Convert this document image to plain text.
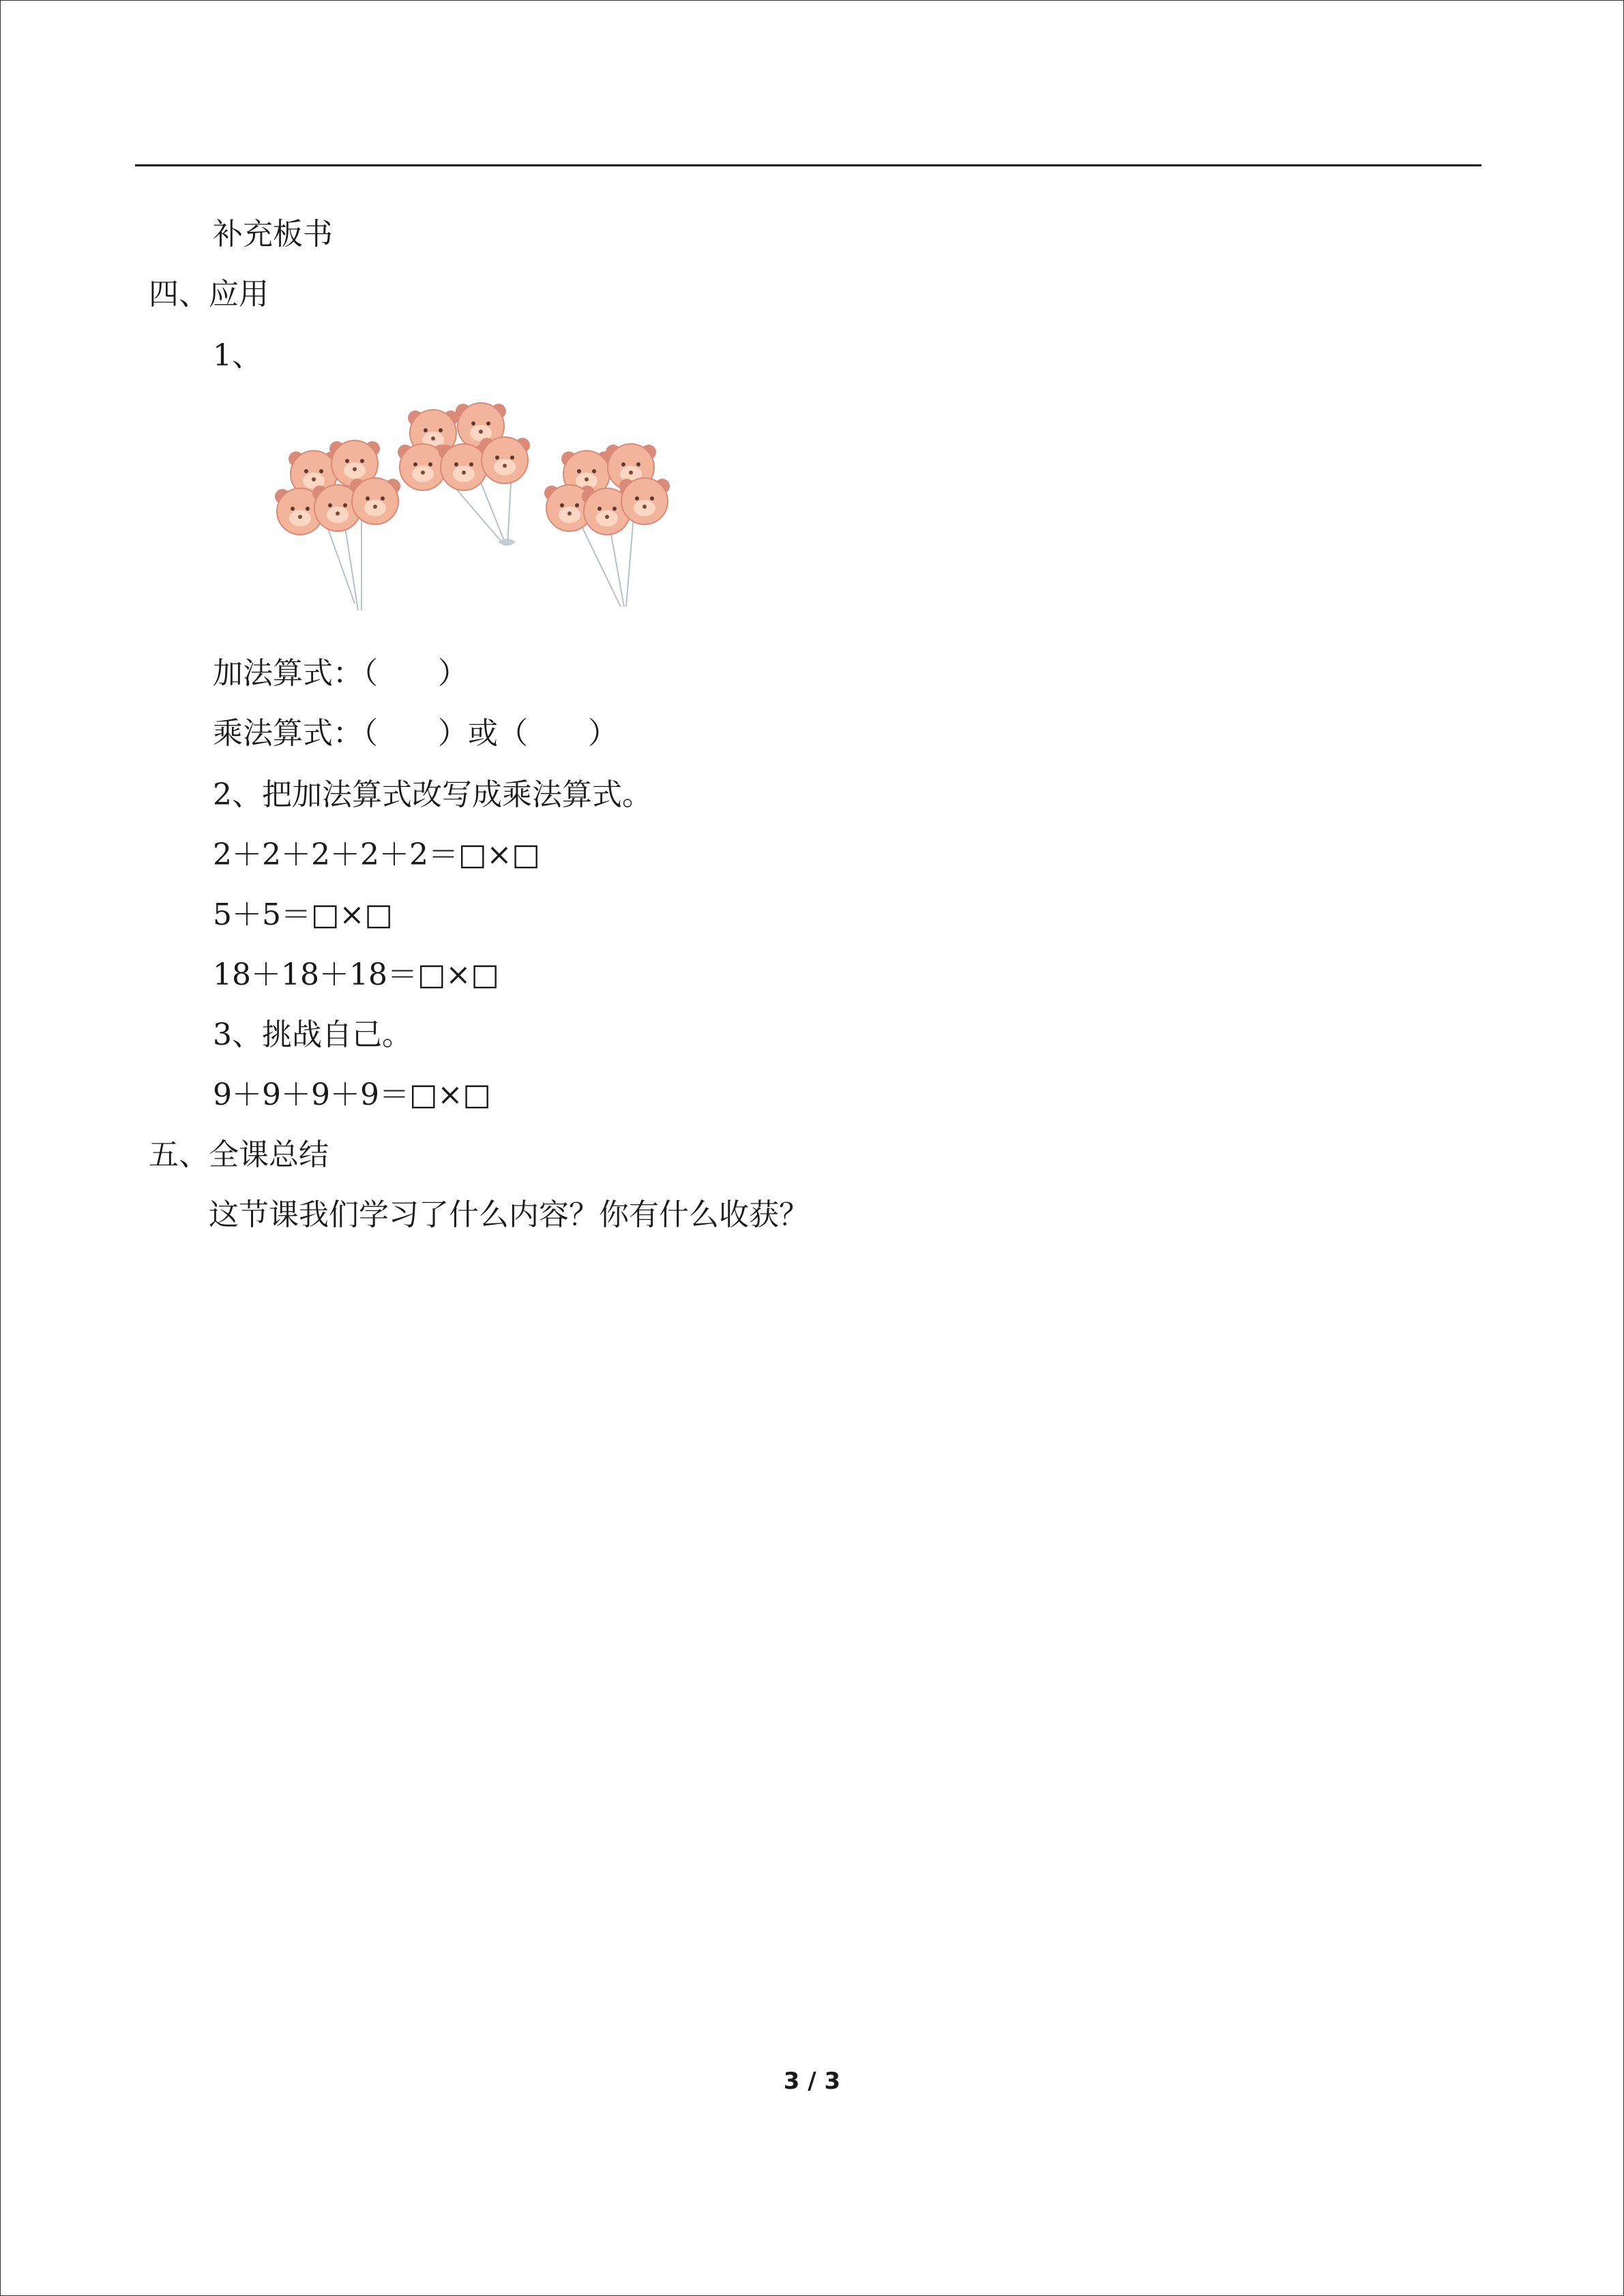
补充板书
四、应用
1、
加法算式：（　　）
乘法算式：（　　）或（　　）
2、把加法算式改写成乘法算式。
2＋2＋2＋2＋2＝□×□
5＋5＝□×□
18＋18＋18＝□×□
3、挑战自己。
9＋9＋9＋9＝□×□
五、全课总结
这节课我们学习了什么内容？你有什么收获？
3 / 3
